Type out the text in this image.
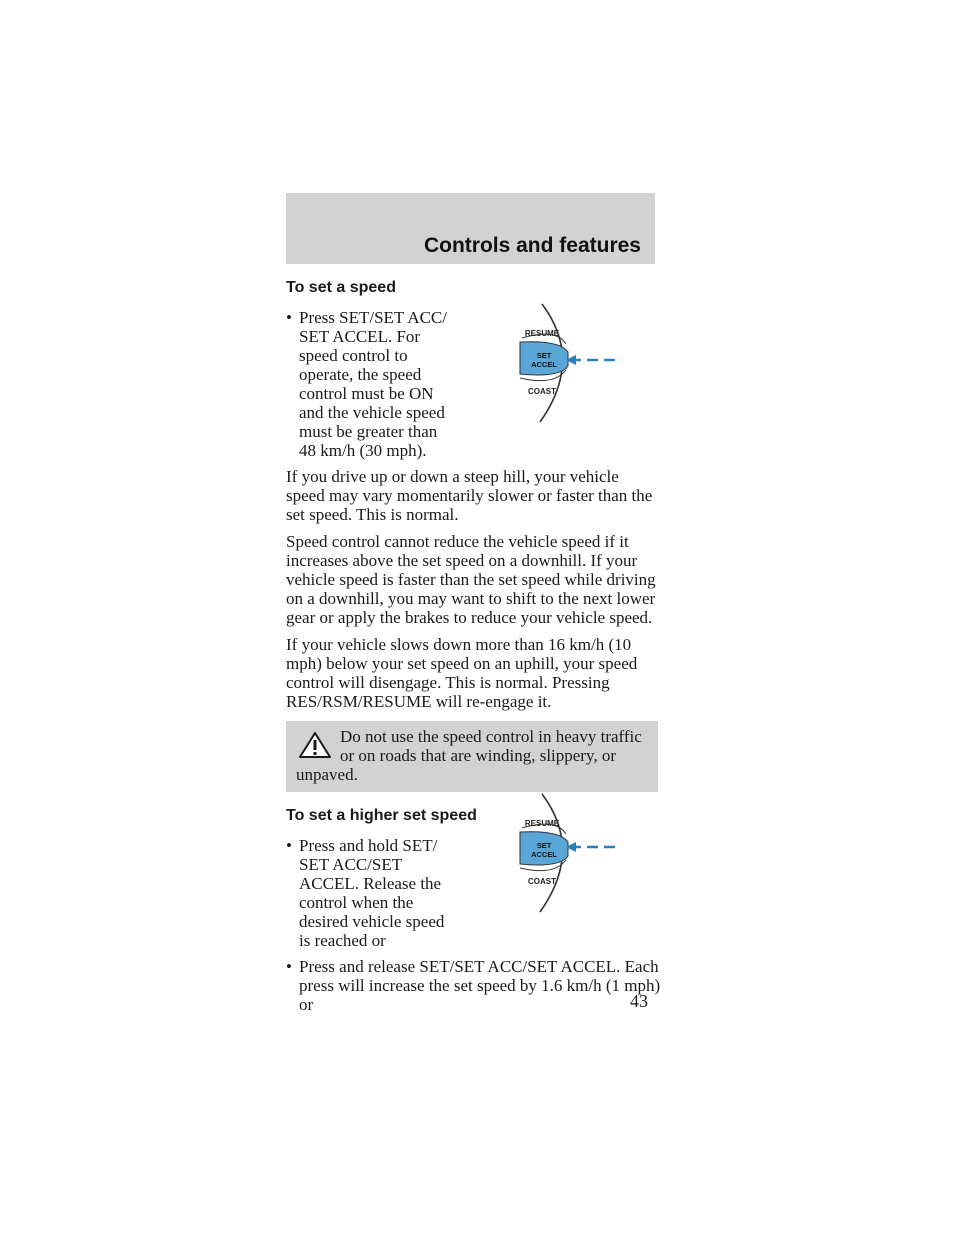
Controls and features
To set a speed
• Press SET/SET ACC/ SET ACCEL. For speed control to operate, the speed control must be ON and the vehicle speed must be greater than 48 km/h (30 mph).
If you drive up or down a steep hill, your vehicle speed may vary momentarily slower or faster than the set speed. This is normal.
Speed control cannot reduce the vehicle speed if it increases above the set speed on a downhill. If your vehicle speed is faster than the set speed while driving on a downhill, you may want to shift to the next lower gear or apply the brakes to reduce your vehicle speed.
If your vehicle slows down more than 16 km/h (10 mph) below your set speed on an uphill, your speed control will disengage. This is normal. Pressing RES/RSM/RESUME will re-engage it.
Do not use the speed control in heavy traffic
or on roads that are winding, slippery, or
unpaved.
To set a higher set speed
• Press and hold SET/ SET ACC/SET ACCEL. Release the control when the desired vehicle speed is reached or
• Press and release SET/SET ACC/SET ACCEL. Each press will increase the set speed by 1.6 km/h (1 mph) or
RESUME
SET
ACCEL
COAST
RESUME
SET
ACCEL
COAST
43
